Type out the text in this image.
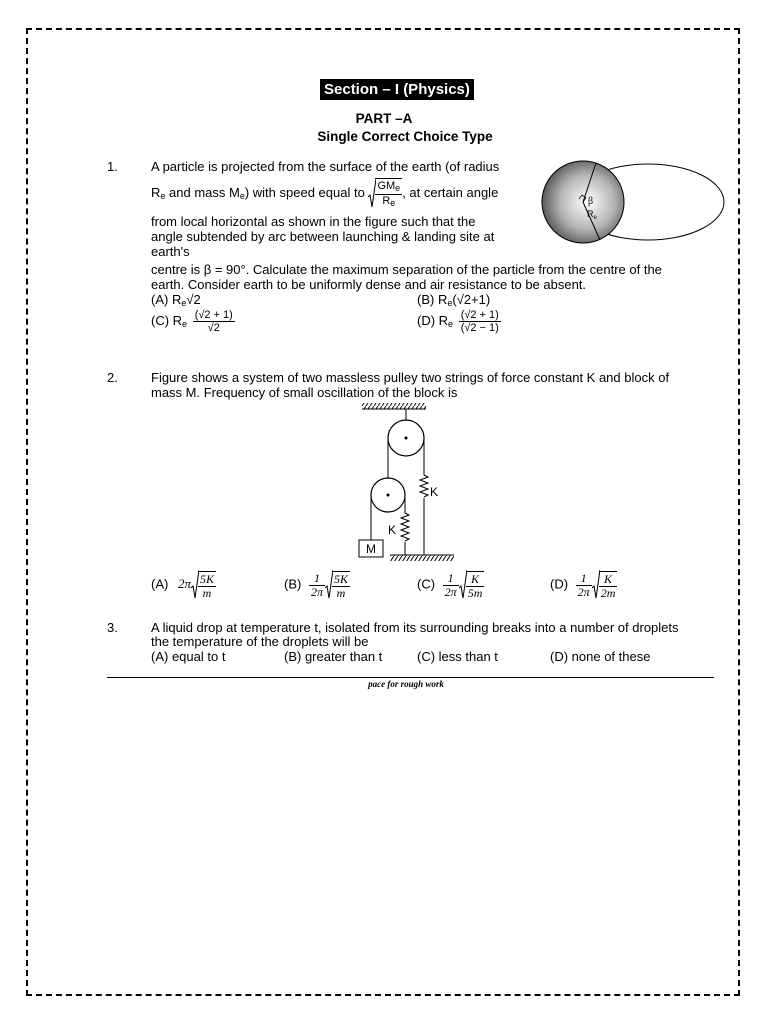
Section – I (Physics)
PART –A
Single Correct Choice Type
1.	A particle is projected from the surface of the earth (of radius
$R_e$ and mass $M_e$) with speed equal to $\frac{GM_e}{R_e}$ , at certain angle
from local horizontal as shown in the figure such that the
angle subtended by arc between launching & landing site at
earth's
centre is β = 90°. Calculate the maximum separation of the particle from the centre of the
earth. Consider earth to be uniformly dense and air resistance to be absent.
(A) $R_e√2$	(B) $R_e(√2+1)$
(C) $R_e \frac{(√2 + 1)}{√2}$	(D) $R_e \frac{(√2 + 1)}{(√2 - 1)}$
β
$R_e$
2.	Figure shows a system of two massless pulley two strings of force constant K and block of
mass M. Frequency of small oscillation of the block is
M
K
K
(A) $2\pi \frac{5K}{m}$	$(B) \frac{1}{2\pi} \frac{5K}{m}$	$(C) \frac{1}{2\pi} \frac{K}{5m}$	$(D) \frac{1}{2\pi} \frac{K}{2m}$
3.	A liquid drop at temperature t, isolated from its surrounding breaks into a number of droplets
the temperature of the droplets will be
(A) equal to t	(B) greater than t	(C) less than t	(D) none of these
pace for rough work
